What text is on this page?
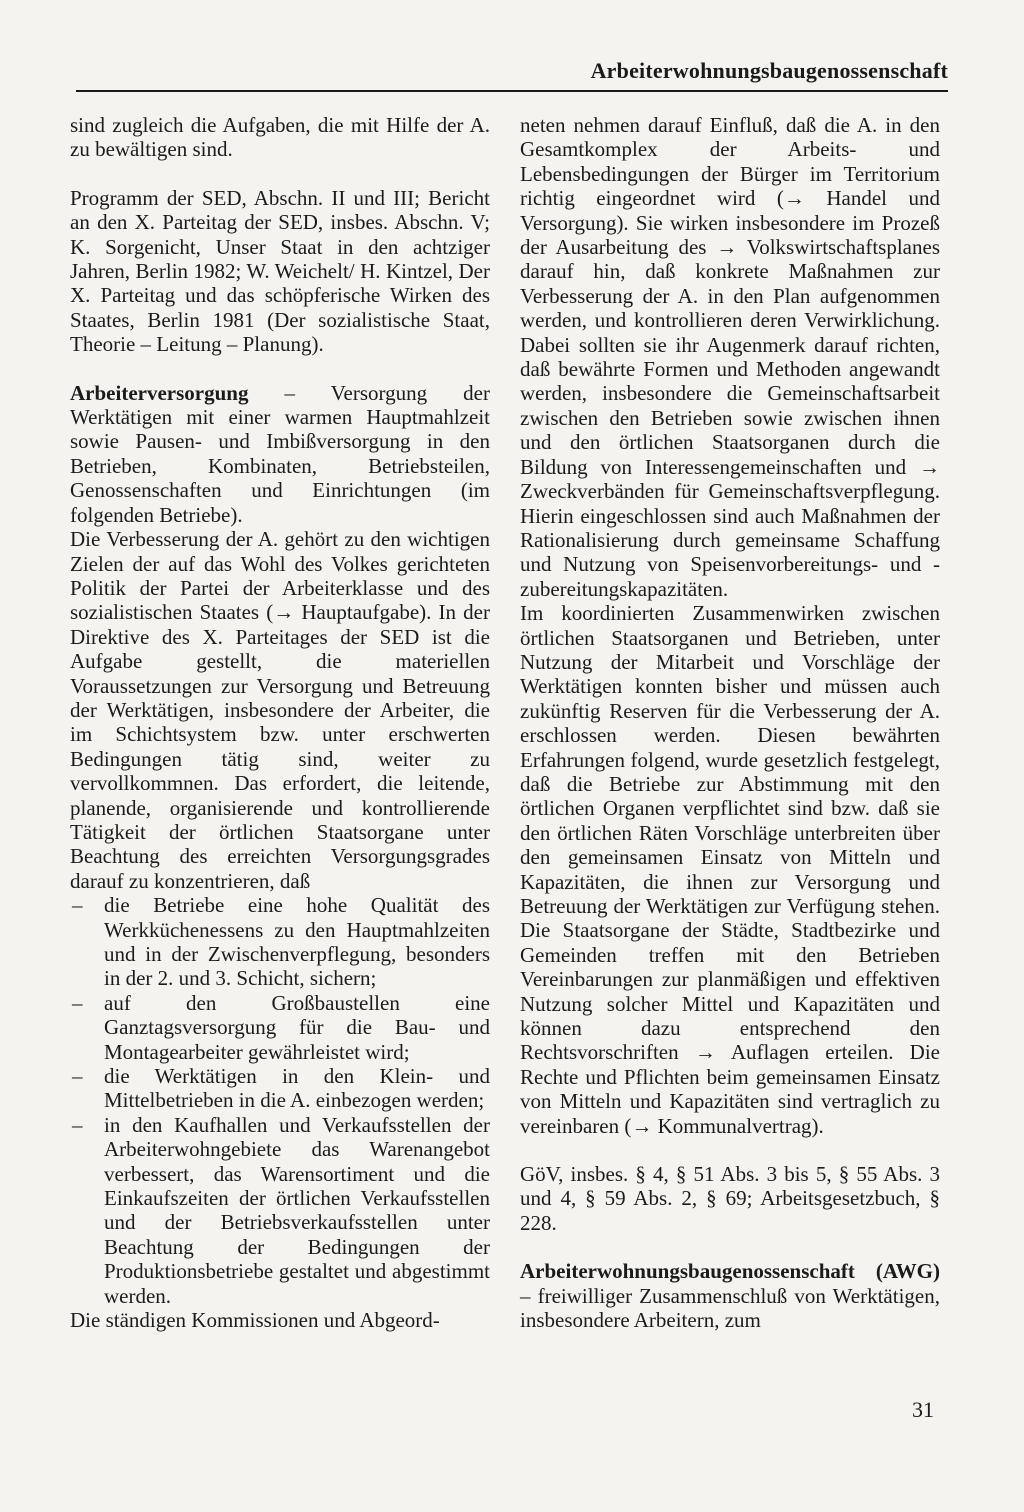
Arbeiterwohnungsbaugenossenschaft

sind zugleich die Aufgaben, die mit Hilfe der A. zu bewältigen sind.

Programm der SED, Abschn. II und III; Bericht an den X. Parteitag der SED, insbes. Abschn. V; K. Sorgenicht, Unser Staat in den achtziger Jahren, Berlin 1982; W. Weichelt/ H. Kintzel, Der X. Parteitag und das schöpferische Wirken des Staates, Berlin 1981 (Der sozialistische Staat, Theorie – Leitung – Planung).

Arbeiterversorgung – Versorgung der Werktätigen mit einer warmen Hauptmahlzeit sowie Pausen- und Imbißversorgung in den Betrieben, Kombinaten, Betriebsteilen, Genossenschaften und Einrichtungen (im folgenden Betriebe).

Die Verbesserung der A. gehört zu den wichtigen Zielen der auf das Wohl des Volkes gerichteten Politik der Partei der Arbeiterklasse und des sozialistischen Staates (→ Hauptaufgabe). In der Direktive des X. Parteitages der SED ist die Aufgabe gestellt, die materiellen Voraussetzungen zur Versorgung und Betreuung der Werktätigen, insbesondere der Arbeiter, die im Schichtsystem bzw. unter erschwerten Bedingungen tätig sind, weiter zu vervollkommnen. Das erfordert, die leitende, planende, organisierende und kontrollierende Tätigkeit der örtlichen Staatsorgane unter Beachtung des erreichten Versorgungsgrades darauf zu konzentrieren, daß

– die Betriebe eine hohe Qualität des Werkküchenessens zu den Hauptmahlzeiten und in der Zwischenverpflegung, besonders in der 2. und 3. Schicht, sichern;
– auf den Großbaustellen eine Ganztagsversorgung für die Bau- und Montagearbeiter gewährleistet wird;
– die Werktätigen in den Klein- und Mittelbetrieben in die A. einbezogen werden;
– in den Kaufhallen und Verkaufsstellen der Arbeiterwohngebiete das Warenangebot verbessert, das Warensortiment und die Einkaufszeiten der örtlichen Verkaufsstellen und der Betriebsverkaufsstellen unter Beachtung der Bedingungen der Produktionsbetriebe gestaltet und abgestimmt werden.

Die ständigen Kommissionen und Abgeord-

neten nehmen darauf Einfluß, daß die A. in den Gesamtkomplex der Arbeits- und Lebensbedingungen der Bürger im Territorium richtig eingeordnet wird (→ Handel und Versorgung). Sie wirken insbesondere im Prozeß der Ausarbeitung des → Volkswirtschaftsplanes darauf hin, daß konkrete Maßnahmen zur Verbesserung der A. in den Plan aufgenommen werden, und kontrollieren deren Verwirklichung. Dabei sollten sie ihr Augenmerk darauf richten, daß bewährte Formen und Methoden angewandt werden, insbesondere die Gemeinschaftsarbeit zwischen den Betrieben sowie zwischen ihnen und den örtlichen Staatsorganen durch die Bildung von Interessengemeinschaften und → Zweckverbänden für Gemeinschaftsverpflegung. Hierin eingeschlossen sind auch Maßnahmen der Rationalisierung durch gemeinsame Schaffung und Nutzung von Speisenvorbereitungs- und -zubereitungskapazitäten.

Im koordinierten Zusammenwirken zwischen örtlichen Staatsorganen und Betrieben, unter Nutzung der Mitarbeit und Vorschläge der Werktätigen konnten bisher und müssen auch zukünftig Reserven für die Verbesserung der A. erschlossen werden. Diesen bewährten Erfahrungen folgend, wurde gesetzlich festgelegt, daß die Betriebe zur Abstimmung mit den örtlichen Organen verpflichtet sind bzw. daß sie den örtlichen Räten Vorschläge unterbreiten über den gemeinsamen Einsatz von Mitteln und Kapazitäten, die ihnen zur Versorgung und Betreuung der Werktätigen zur Verfügung stehen. Die Staatsorgane der Städte, Stadtbezirke und Gemeinden treffen mit den Betrieben Vereinbarungen zur planmäßigen und effektiven Nutzung solcher Mittel und Kapazitäten und können dazu entsprechend den Rechtsvorschriften → Auflagen erteilen. Die Rechte und Pflichten beim gemeinsamen Einsatz von Mitteln und Kapazitäten sind vertraglich zu vereinbaren (→ Kommunalvertrag).

GöV, insbes. § 4, § 51 Abs. 3 bis 5, § 55 Abs. 3 und 4, § 59 Abs. 2, § 69; Arbeitsgesetzbuch, § 228.

Arbeiterwohnungsbaugenossenschaft (AWG) – freiwilliger Zusammenschluß von Werktätigen, insbesondere Arbeitern, zum

31
